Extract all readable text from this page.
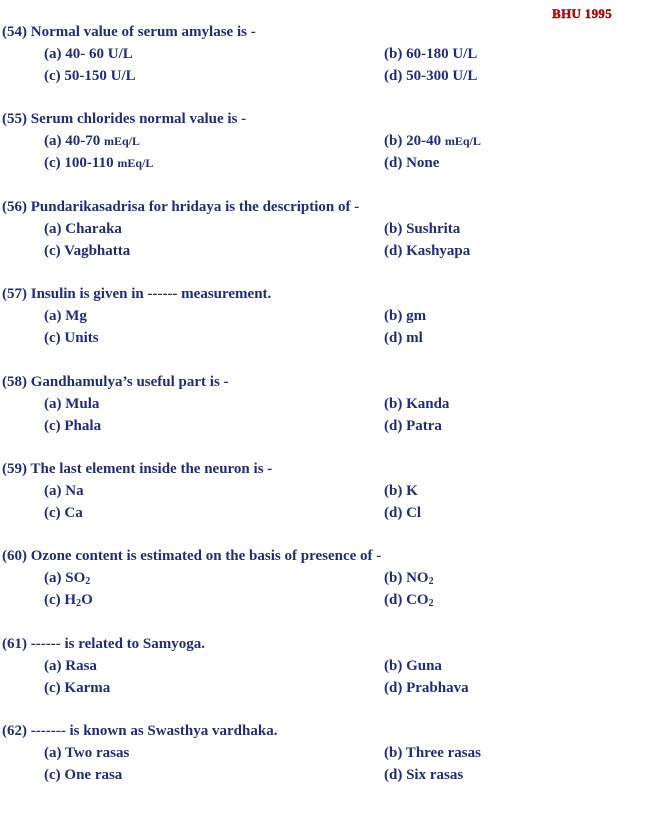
BHU 1995
(54) Normal value of serum amylase is -
(a) 40- 60 U/L	(b) 60-180 U/L
(c) 50-150 U/L	(d) 50-300 U/L
(55) Serum chlorides normal value is -
(a) 40-70 mEq/L	(b) 20-40 mEq/L
(c) 100-110 mEq/L	(d) None
(56) Pundarikasadrisa for hridaya is the description of -
(a) Charaka	(b) Sushrita
(c) Vagbhatta	(d) Kashyapa
(57) Insulin is given in ------ measurement.
(a) Mg	(b) gm
(c) Units	(d) ml
(58) Gandhamulya’s useful part is -
(a) Mula	(b) Kanda
(c) Phala	(d) Patra
(59) The last element inside the neuron is -
(a) Na	(b) K
(c) Ca	(d) Cl
(60) Ozone content is estimated on the basis of presence of -
(a) $SO_2$	(b) $NO_2$
(c) $H_2O$	(d) $CO_2$
(61) ------ is related to Samyoga.
(a) Rasa	(b) Guna
(c) Karma	(d) Prabhava
(62) ------- is known as Swasthya vardhaka.
(a) Two rasas	(b) Three rasas
(c) One rasa	(d) Six rasas
